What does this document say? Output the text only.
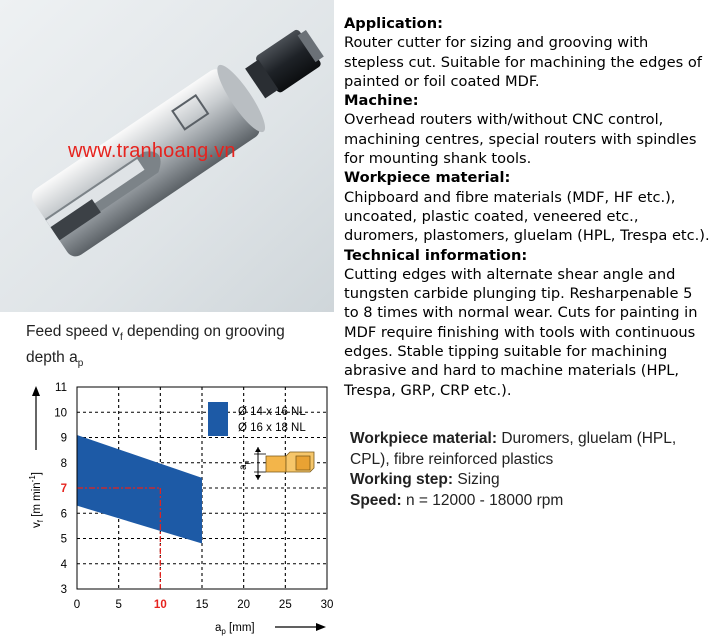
www.tranhoang.vn
Application:
Router cutter for sizing and grooving with stepless cut. Suitable for machining the edges of painted or foil coated MDF.
Machine:
Overhead routers with/without CNC control, machining centres, special routers with spindles for mounting shank tools.
Workpiece material:
Chipboard and fibre materials (MDF, HF etc.), uncoated, plastic coated, veneered etc., duromers, plastomers, gluelam (HPL, Trespa etc.).
Technical information:
Cutting edges with alternate shear angle and tungsten carbide plunging tip. Resharpenable 5 to 8 times with normal wear. Cuts for painting in MDF require finishing with tools with continuous edges. Stable tipping suitable for machining abrasive and hard to machine materials (HPL, Trespa, GRP, CRP etc.).
Feed speed $v_f$ depending on grooving
depth $a_p$
Workpiece material: Duromers, gluelam (HPL, CPL), fibre reinforced plastics
Working step: Sizing
Speed: n = 12000 - 18000 rpm
0	5	10	15	20	25	30
3
4
5
6
7
8
9
10
11
Ø 14 x 16 NL
Ø 16 x 18 NL
$a_p$
$v_f$ [m $\min^{-1}$]
$a_p$ [mm]
